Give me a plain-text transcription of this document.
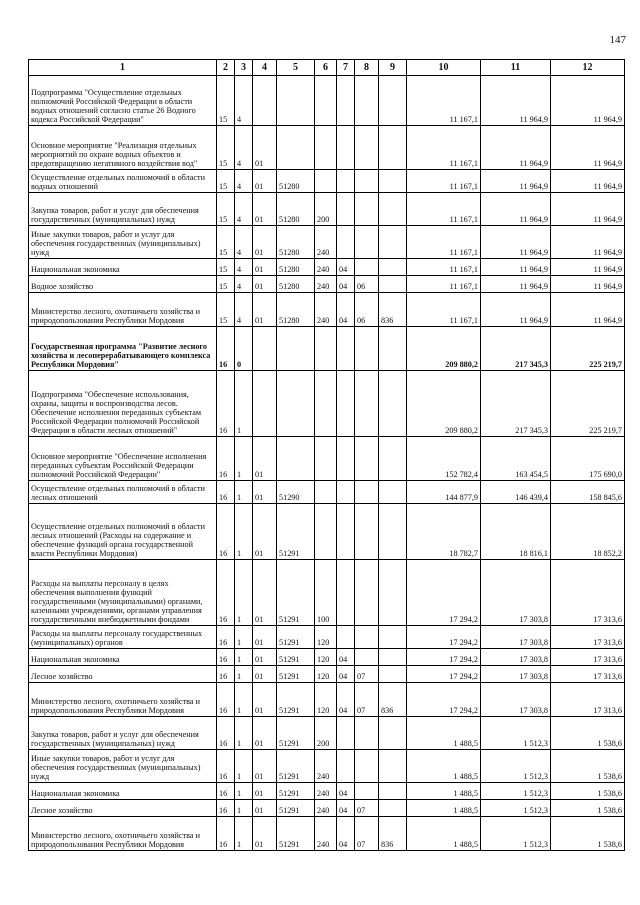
147
1	2	3	4	5	6	7	8	9	10	11	12
Подпрограмма "Осуществление отдельных полномочий Российской Федерации в области водных отношений согласно статье 26 Водного кодекса Российской Федерации"	15	4							11 167,1	11 964,9	11 964,9
Основное мероприятие "Реализация отдельных мероприятий по охране водных объектов и предотвращению негативного воздействия вод"	15	4	01						11 167,1	11 964,9	11 964,9
Осуществление отдельных полномочий в области водных отношений	15	4	01	51280					11 167,1	11 964,9	11 964,9
Закупка товаров, работ и услуг для обеспечения государственных (муниципальных) нужд	15	4	01	51280	200				11 167,1	11 964,9	11 964,9
Иные закупки товаров, работ и услуг для обеспечения государственных (муниципальных) нужд	15	4	01	51280	240				11 167,1	11 964,9	11 964,9
Национальная экономика	15	4	01	51280	240	04			11 167,1	11 964,9	11 964,9
Водное хозяйство	15	4	01	51280	240	04	06		11 167,1	11 964,9	11 964,9
Министерство лесного, охотничьего хозяйства и природопользования Республики Мордовия	15	4	01	51280	240	04	06	836	11 167,1	11 964,9	11 964,9
Государственная программа "Развитие лесного хозяйства и лесоперерабатывающего комплекса Республики Мордовия"	16	0							209 880,2	217 345,3	225 219,7
Подпрограмма "Обеспечение использования, охраны, защиты и воспроизводства лесов. Обеспечение исполнения переданных субъектам Российской Федерации полномочий Российской Федерации в области лесных отношений"	16	1							209 880,2	217 345,3	225 219,7
Основное мероприятие "Обеспечение исполнения переданных субъектам Российской Федерации полномочий Российской Федерации"	16	1	01						152 782,4	163 454,5	175 690,0
Осуществление отдельных полномочий в области лесных отношений	16	1	01	51290					144 877,9	146 439,4	158 845,6
Осуществление отдельных полномочий в области лесных отношений (Расходы на содержание и обеспечение функций органа государственной власти Республики Мордовия)	16	1	01	51291					18 782,7	18 816,1	18 852,2
Расходы на выплаты персоналу в целях обеспечения выполнения функций государственными (муниципальными) органами, казенными учреждениями, органами управления государственными внебюджетными фондами	16	1	01	51291	100				17 294,2	17 303,8	17 313,6
Расходы на выплаты персоналу государственных (муниципальных) органов	16	1	01	51291	120				17 294,2	17 303,8	17 313,6
Национальная экономика	16	1	01	51291	120	04			17 294,2	17 303,8	17 313,6
Лесное хозяйство	16	1	01	51291	120	04	07		17 294,2	17 303,8	17 313,6
Министерство лесного, охотничьего хозяйства и природопользования Республики Мордовия	16	1	01	51291	120	04	07	836	17 294,2	17 303,8	17 313,6
Закупка товаров, работ и услуг для обеспечения государственных (муниципальных) нужд	16	1	01	51291	200				1 488,5	1 512,3	1 538,6
Иные закупки товаров, работ и услуг для обеспечения государственных (муниципальных) нужд	16	1	01	51291	240				1 488,5	1 512,3	1 538,6
Национальная экономика	16	1	01	51291	240	04			1 488,5	1 512,3	1 538,6
Лесное хозяйство	16	1	01	51291	240	04	07		1 488,5	1 512,3	1 538,6
Министерство лесного, охотничьего хозяйства и природопользования Республики Мордовия	16	1	01	51291	240	04	07	836	1 488,5	1 512,3	1 538,6
